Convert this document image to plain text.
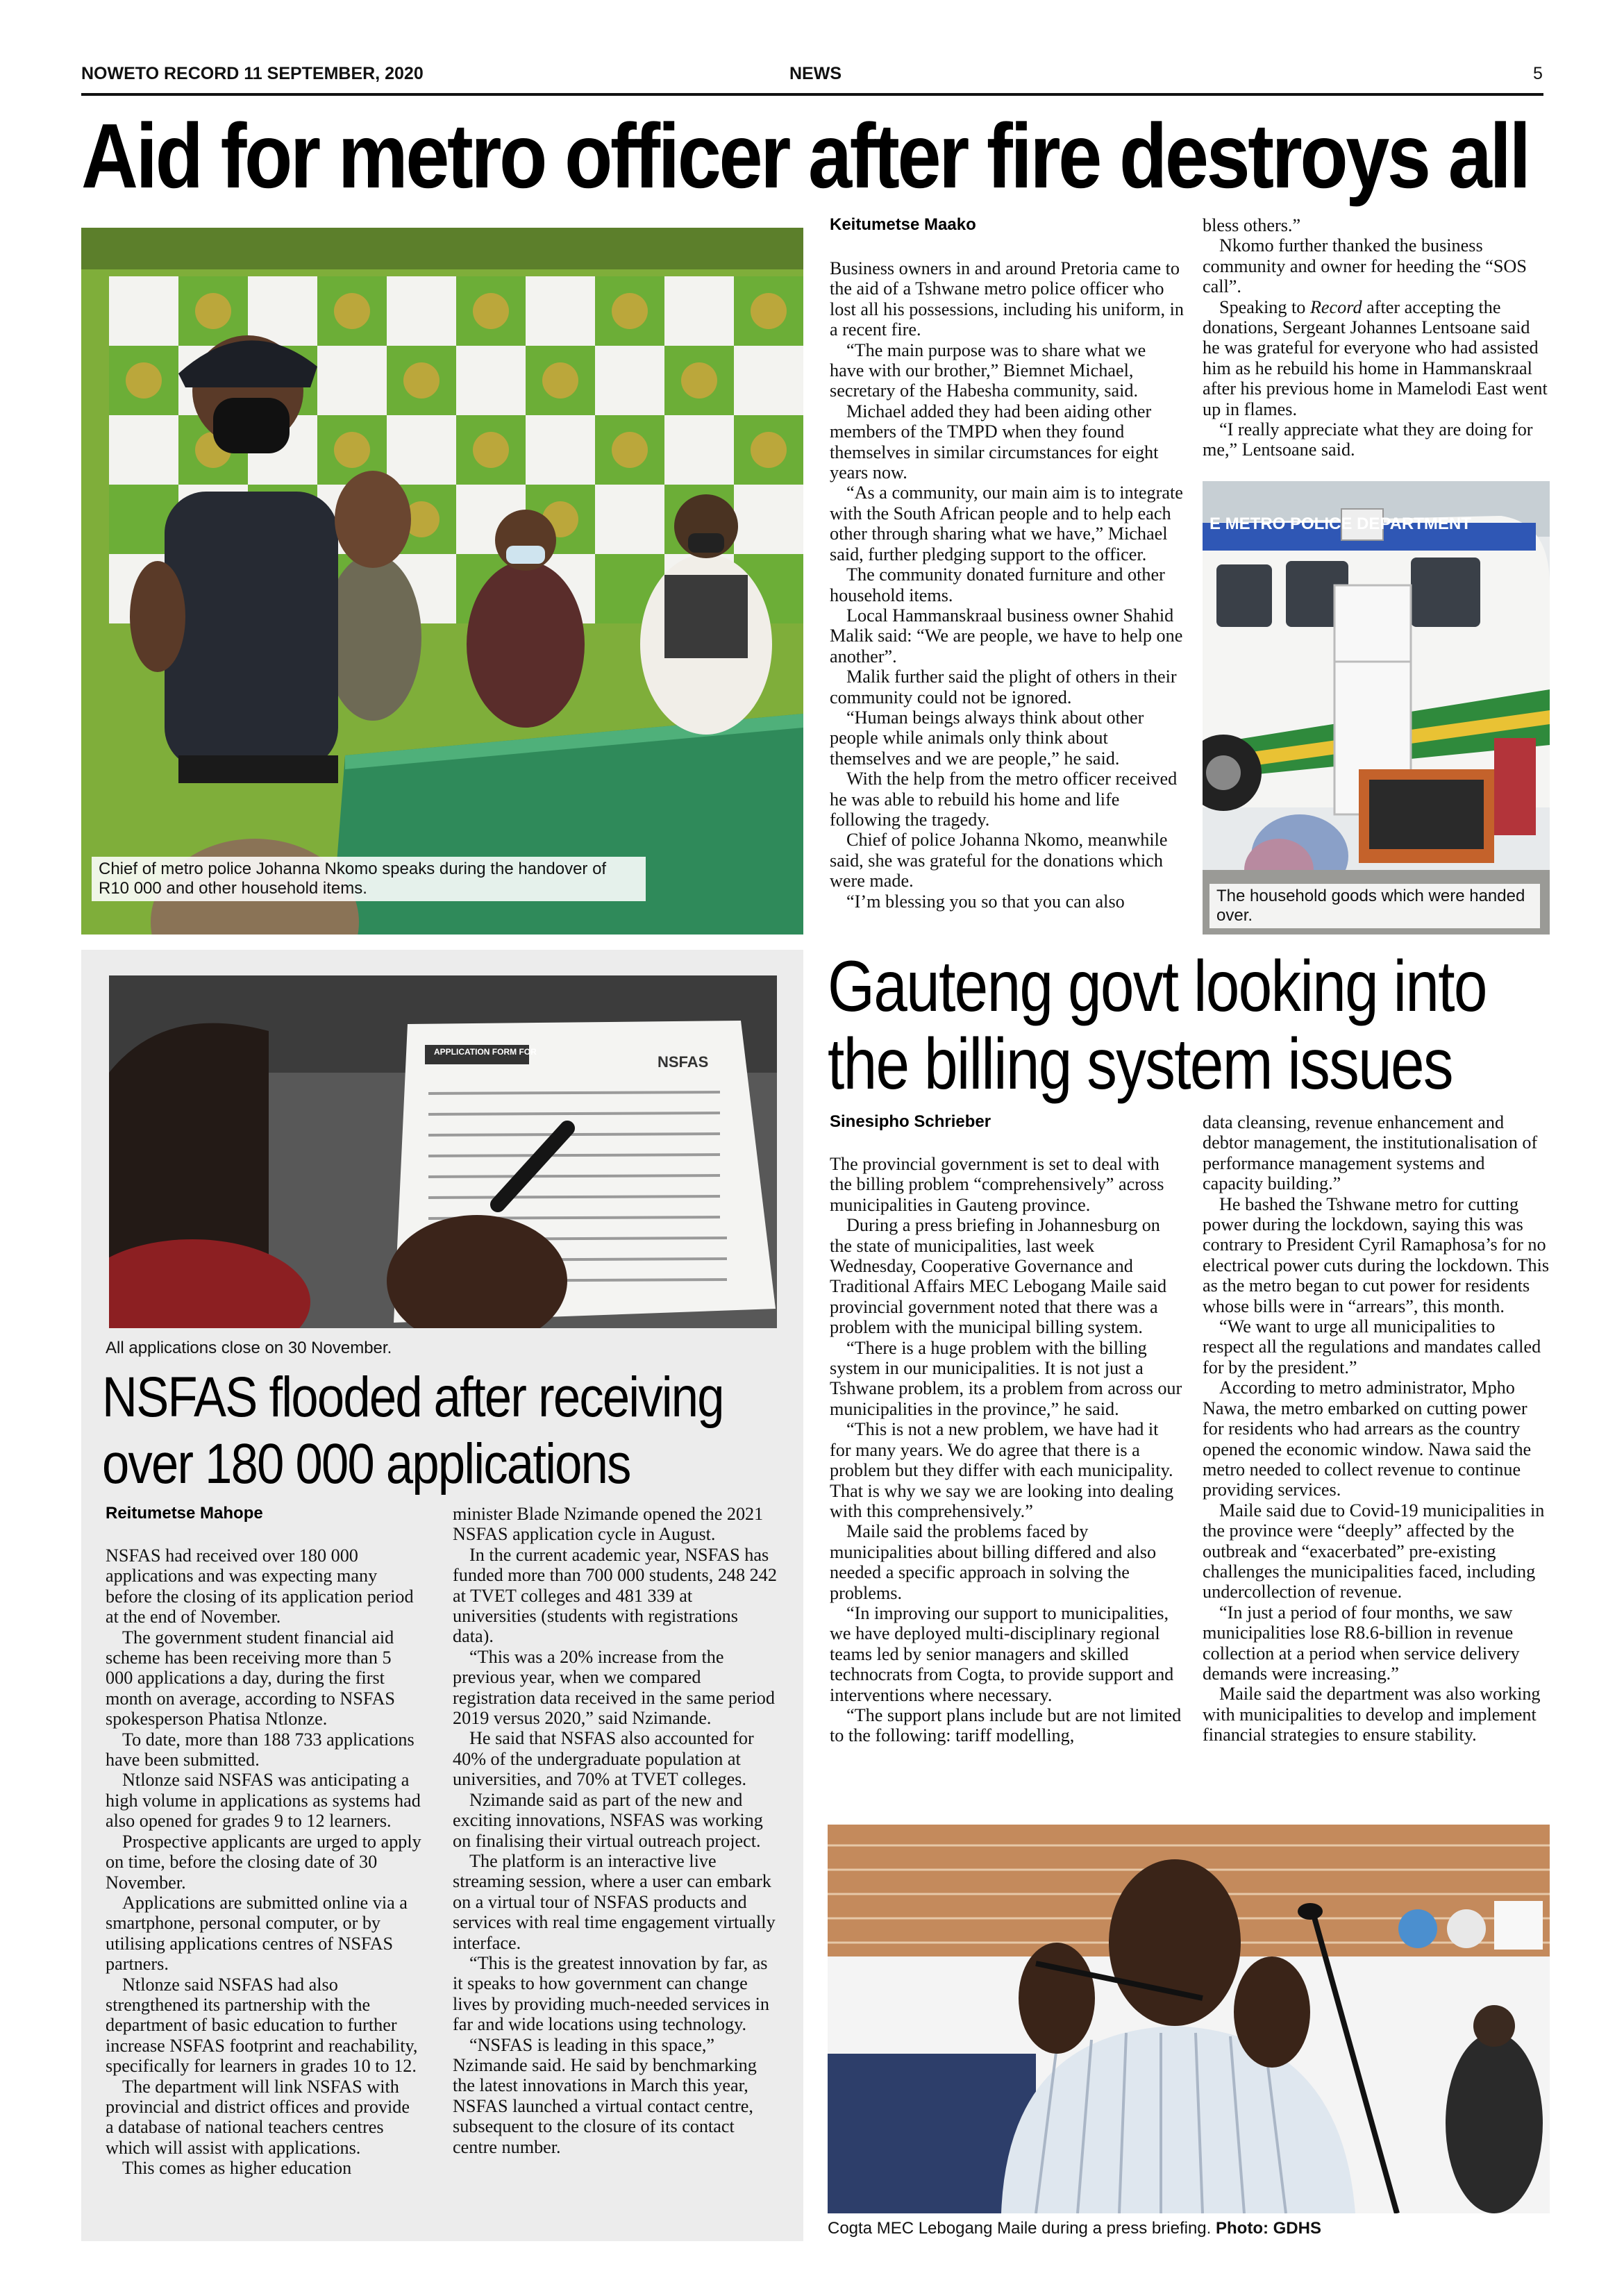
NOWETO RECORD 11 SEPTEMBER, 2020	NEWS	5
Aid for metro officer after fire destroys all
Chief of metro police Johanna Nkomo speaks during the handover of
R10 000 and other household items.
Keitumetse Maako

Business owners in and around Pretoria came to the aid of a Tshwane metro police officer who lost all his possessions, including his uniform, in a recent fire.

“The main purpose was to share what we have with our brother,” Biemnet Michael, secretary of the Habesha community, said.

Michael added they had been aiding other members of the TMPD when they found themselves in similar circumstances for eight years now.

“As a community, our main aim is to integrate with the South African people and to help each other through sharing what we have,” Michael said, further pledging support to the officer.

The community donated furniture and other household items.

Local Hammanskraal business owner Shahid Malik said: “We are people, we have to help one another”.

Malik further said the plight of others in their community could not be ignored.

“Human beings always think about other people while animals only think about themselves and we are people,” he said.

With the help from the metro officer received he was able to rebuild his home and life following the tragedy.

Chief of police Johanna Nkomo, meanwhile said, she was grateful for the donations which were made.

“I’m blessing you so that you can also

bless others.”

Nkomo further thanked the business community and owner for heeding the “SOS call”.

Speaking to Record after accepting the donations, Sergeant Johannes Lentsoane said he was grateful for everyone who had assisted him as he rebuild his home in Hammanskraal after his previous home in Mamelodi East went up in flames.

“I really appreciate what they are doing for me,” Lentsoane said.

E METRO POLICE DEPARTMENT
The household goods which were handed
over.
APPLICATION FORM FOR
NSFAS
All applications close on 30 November.
NSFAS flooded after receiving
over 180 000 applications
Reitumetse Mahope

NSFAS had received over 180 000 applications and was expecting many before the closing of its application period at the end of November.

The government student financial aid scheme has been receiving more than 5 000 applications a day, during the first month on average, according to NSFAS spokesperson Phatisa Ntlonze.

To date, more than 188 733 applications have been submitted.

Ntlonze said NSFAS was anticipating a high volume in applications as systems had also opened for grades 9 to 12 learners.

Prospective applicants are urged to apply on time, before the closing date of 30 November.

Applications are submitted online via a smartphone, personal computer, or by utilising applications centres of NSFAS partners.

Ntlonze said NSFAS had also strengthened its partnership with the department of basic education to further increase NSFAS footprint and reachability, specifically for learners in grades 10 to 12.

The department will link NSFAS with provincial and district offices and provide a database of national teachers centres which will assist with applications.

This comes as higher education

minister Blade Nzimande opened the 2021 NSFAS application cycle in August.

In the current academic year, NSFAS has funded more than 700 000 students, 248 242 at TVET colleges and 481 339 at universities (students with registrations data).

“This was a 20% increase from the previous year, when we compared registration data received in the same period 2019 versus 2020,” said Nzimande.

He said that NSFAS also accounted for 40% of the undergraduate population at universities, and 70% at TVET colleges.

Nzimande said as part of the new and exciting innovations, NSFAS was working on finalising their virtual outreach project.

The platform is an interactive live streaming session, where a user can embark on a virtual tour of NSFAS products and services with real time engagement virtually interface.

“This is the greatest innovation by far, as it speaks to how government can change lives by providing much-needed services in far and wide locations using technology.

“NSFAS is leading in this space,” Nzimande said. He said by benchmarking the latest innovations in March this year, NSFAS launched a virtual contact centre, subsequent to the closure of its contact centre number.

Gauteng govt looking into
the billing system issues
Sinesipho Schrieber

The provincial government is set to deal with the billing problem “comprehensively” across municipalities in Gauteng province.

During a press briefing in Johannesburg on the state of municipalities, last week Wednesday, Cooperative Governance and Traditional Affairs MEC Lebogang Maile said provincial government noted that there was a problem with the municipal billing system.

“There is a huge problem with the billing system in our municipalities. It is not just a Tshwane problem, its a problem from across our municipalities in the province,” he said.

“This is not a new problem, we have had it for many years. We do agree that there is a problem but they differ with each municipality. That is why we say we are looking into dealing with this comprehensively.”

Maile said the problems faced by municipalities about billing differed and also needed a specific approach in solving the problems.

“In improving our support to municipalities, we have deployed multi-disciplinary regional teams led by senior managers and skilled technocrats from Cogta, to provide support and interventions where necessary.

“The support plans include but are not limited to the following: tariff modelling,

data cleansing, revenue enhancement and debtor management, the institutionalisation of performance management systems and capacity building.”

He bashed the Tshwane metro for cutting power during the lockdown, saying this was contrary to President Cyril Ramaphosa’s for no electrical power cuts during the lockdown. This as the metro began to cut power for residents whose bills were in “arrears”, this month.

“We want to urge all municipalities to respect all the regulations and mandates called for by the president.”

According to metro administrator, Mpho Nawa, the metro embarked on cutting power for residents who had arrears as the country opened the economic window. Nawa said the metro needed to collect revenue to continue providing services.

Maile said due to Covid-19 municipalities in the province were “deeply” affected by the outbreak and “exacerbated” pre-existing challenges the municipalities faced, including undercollection of revenue.

“In just a period of four months, we saw municipalities lose R8.6-billion in revenue collection at a period when service delivery demands were increasing.”

Maile said the department was also working with municipalities to develop and implement financial strategies to ensure stability.

Cogta MEC Lebogang Maile during a press briefing. Photo: GDHS
